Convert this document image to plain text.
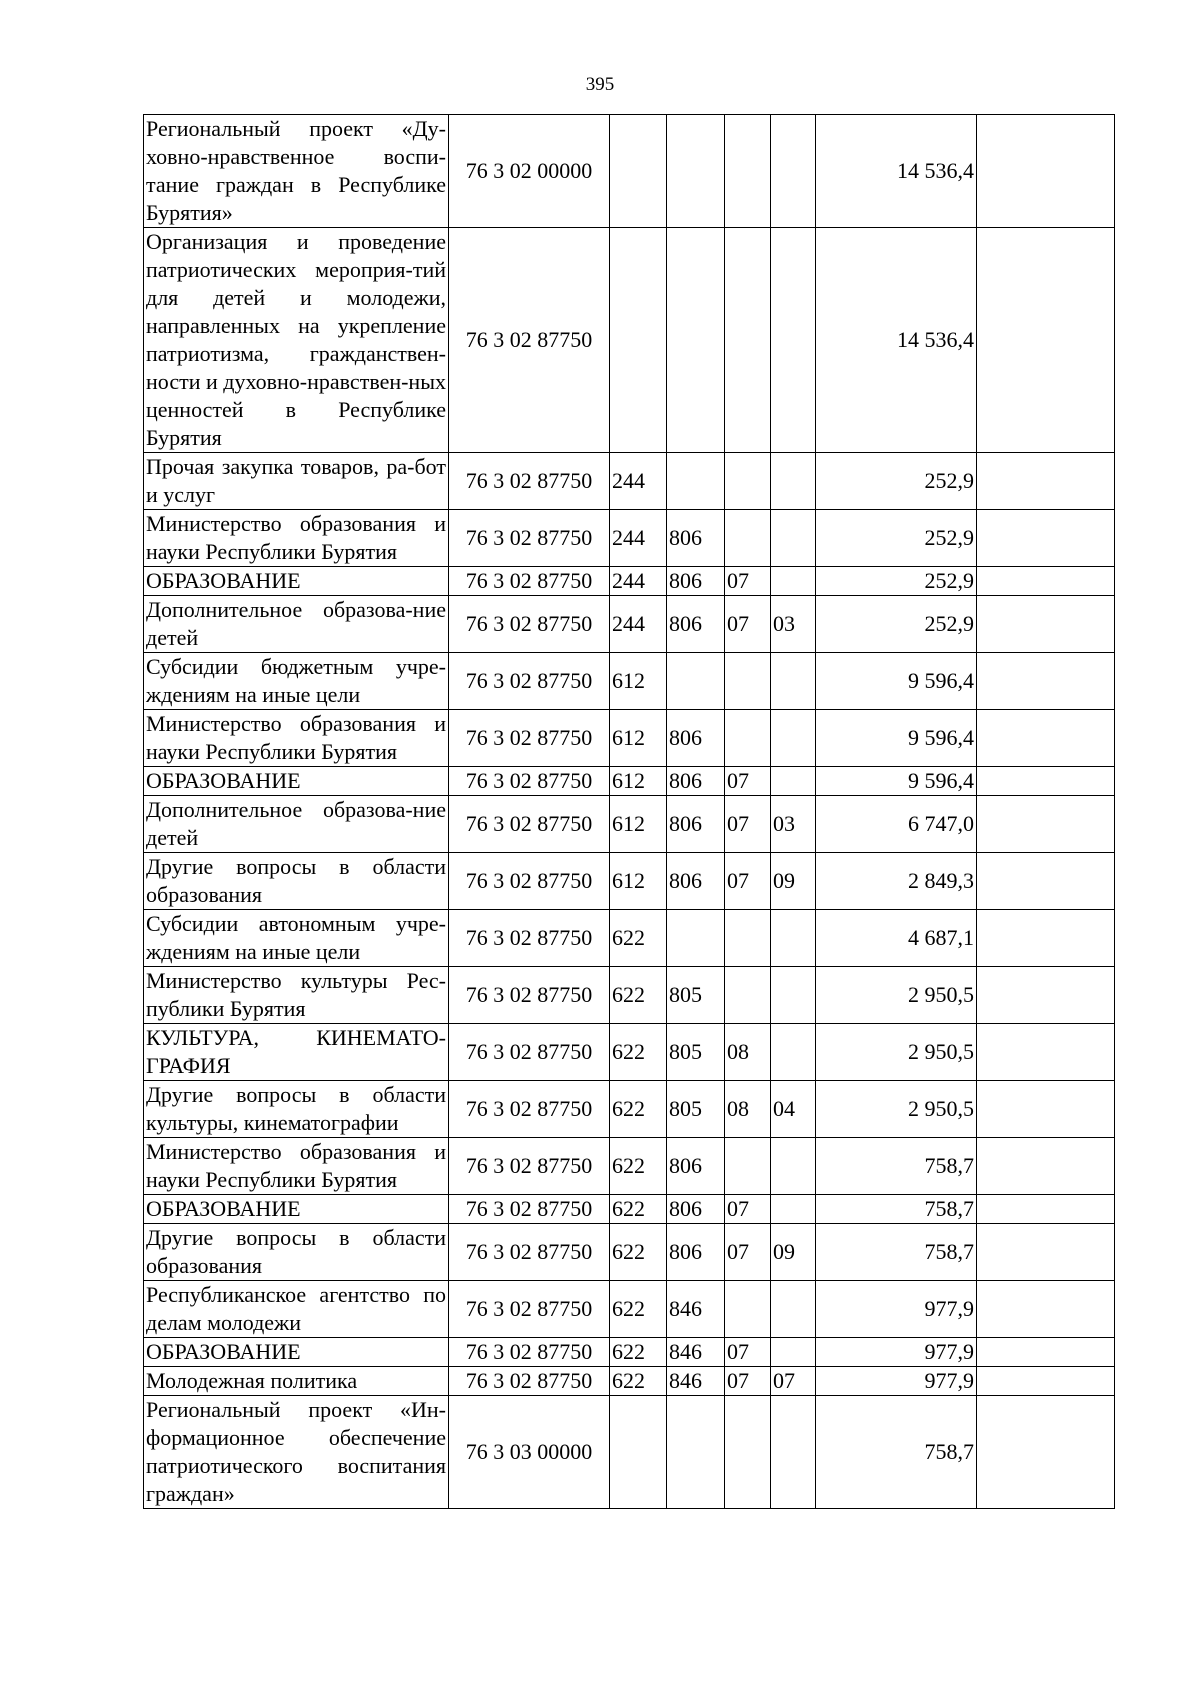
395
Региональный проект «Ду-ховно-нравственное воспи-тание граждан в Республике Бурятия»	76 3 02 00000					14 536,4	
Организация и проведение патриотических мероприя-тий для детей и молодежи, направленных на укрепление патриотизма, гражданствен-ности и духовно-нравствен-ных ценностей в Республике Бурятия	76 3 02 87750					14 536,4	
Прочая закупка товаров, ра-бот и услуг	76 3 02 87750	244				252,9	
Министерство образования и науки Республики Бурятия	76 3 02 87750	244	806			252,9	
ОБРАЗОВАНИЕ	76 3 02 87750	244	806	07		252,9	
Дополнительное образова-ние детей	76 3 02 87750	244	806	07	03	252,9	
Субсидии бюджетным учре-ждениям на иные цели	76 3 02 87750	612				9 596,4	
Министерство образования и науки Республики Бурятия	76 3 02 87750	612	806			9 596,4	
ОБРАЗОВАНИЕ	76 3 02 87750	612	806	07		9 596,4	
Дополнительное образова-ние детей	76 3 02 87750	612	806	07	03	6 747,0	
Другие вопросы в области образования	76 3 02 87750	612	806	07	09	2 849,3	
Субсидии автономным учре-ждениям на иные цели	76 3 02 87750	622				4 687,1	
Министерство культуры Рес-публики Бурятия	76 3 02 87750	622	805			2 950,5	
КУЛЬТУРА, КИНЕМАТО-ГРАФИЯ	76 3 02 87750	622	805	08		2 950,5	
Другие вопросы в области культуры, кинематографии	76 3 02 87750	622	805	08	04	2 950,5	
Министерство образования и науки Республики Бурятия	76 3 02 87750	622	806			758,7	
ОБРАЗОВАНИЕ	76 3 02 87750	622	806	07		758,7	
Другие вопросы в области образования	76 3 02 87750	622	806	07	09	758,7	
Республиканское агентство по делам молодежи	76 3 02 87750	622	846			977,9	
ОБРАЗОВАНИЕ	76 3 02 87750	622	846	07		977,9	
Молодежная политика	76 3 02 87750	622	846	07	07	977,9	
Региональный проект «Ин-формационное обеспечение патриотического воспитания граждан»	76 3 03 00000					758,7	
